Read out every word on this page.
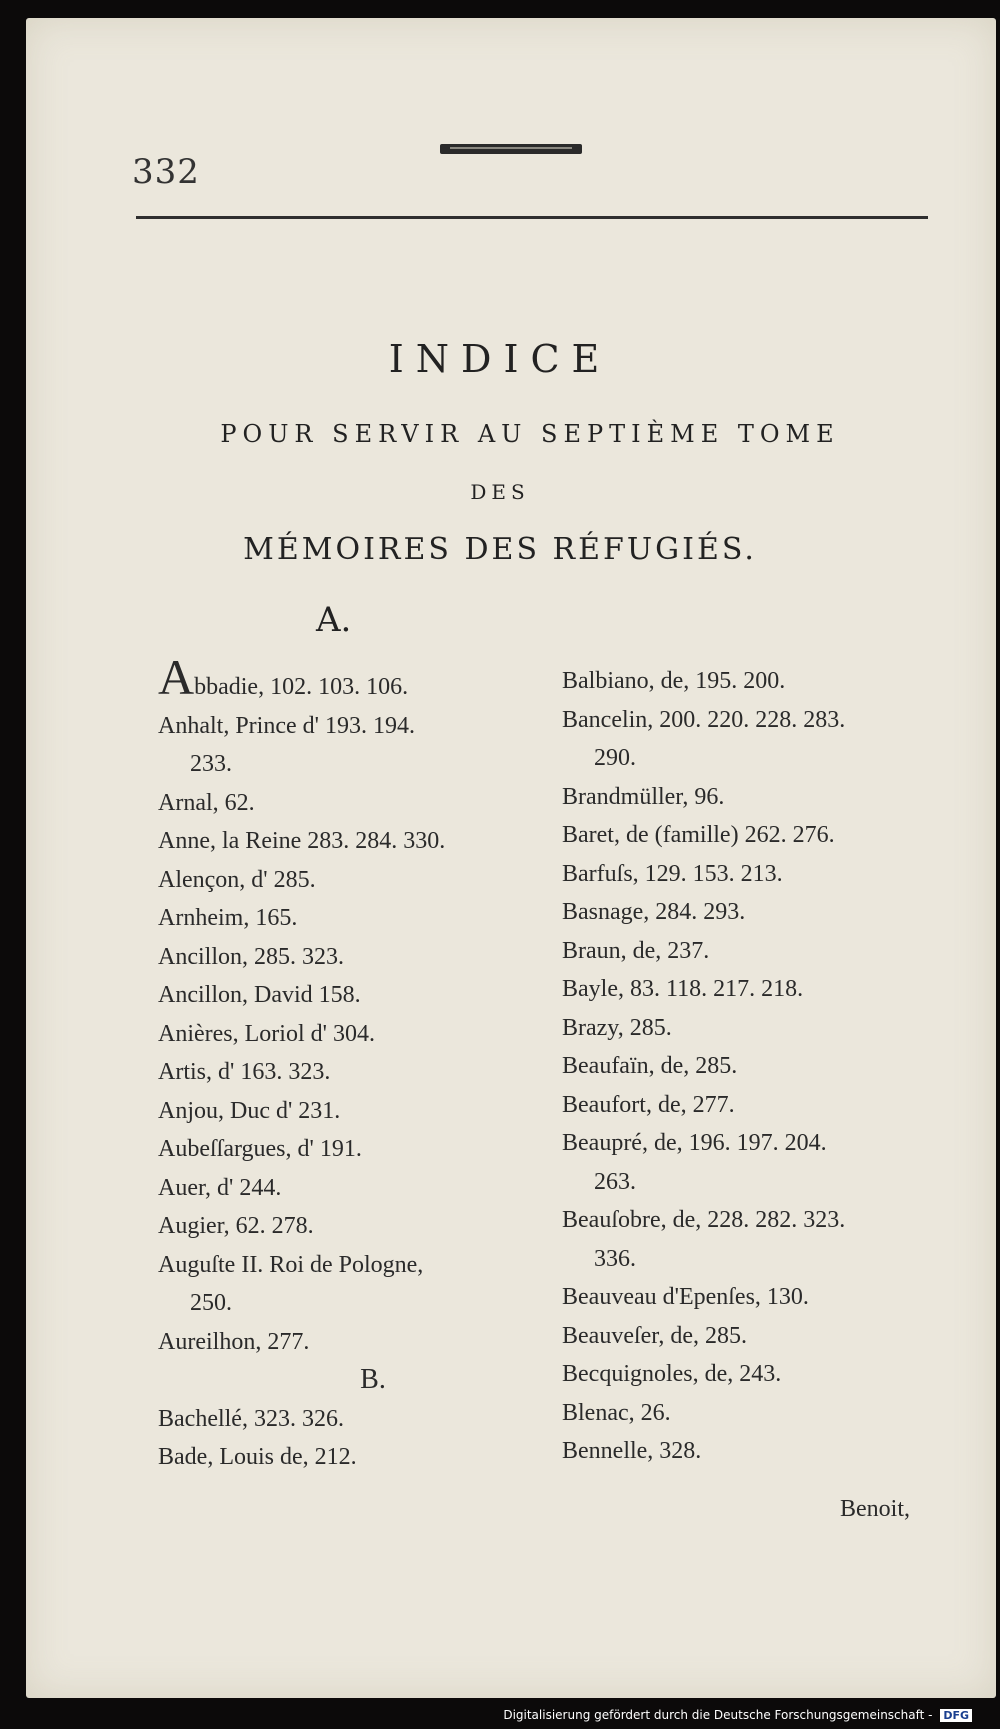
332
INDICE
POUR SERVIR AU SEPTIÈME TOME
DES
MÉMOIRES DES RÉFUGIÉS.
A.

Abbadie, 102. 103. 106.

Anhalt, Prince d' 193. 194.

233.

Arnal, 62.

Anne, la Reine 283. 284. 330.

Alençon, d' 285.

Arnheim, 165.

Ancillon, 285. 323.

Ancillon, David 158.

Anières, Loriol d' 304.

Artis, d' 163. 323.

Anjou, Duc d' 231.

Aubeſſargues, d' 191.

Auer, d' 244.

Augier, 62. 278.

Auguſte II. Roi de Pologne,

250.

Aureilhon, 277.

B.

Bachellé, 323. 326.

Bade, Louis de, 212.

Balbiano, de, 195. 200.

Bancelin, 200. 220. 228. 283.

290.

Brandmüller, 96.

Baret, de (famille) 262. 276.

Barfuſs, 129. 153. 213.

Basnage, 284. 293.

Braun, de, 237.

Bayle, 83. 118. 217. 218.

Brazy, 285.

Beaufaïn, de, 285.

Beaufort, de, 277.

Beaupré, de, 196. 197. 204.

263.

Beauſobre, de, 228. 282. 323.

336.

Beauveau d'Epenſes, 130.

Beauveſer, de, 285.

Becquignoles, de, 243.

Blenac, 26.

Bennelle, 328.

Benoit,
Digitalisierung gefördert durch die Deutsche Forschungsgemeinschaft - DFG
